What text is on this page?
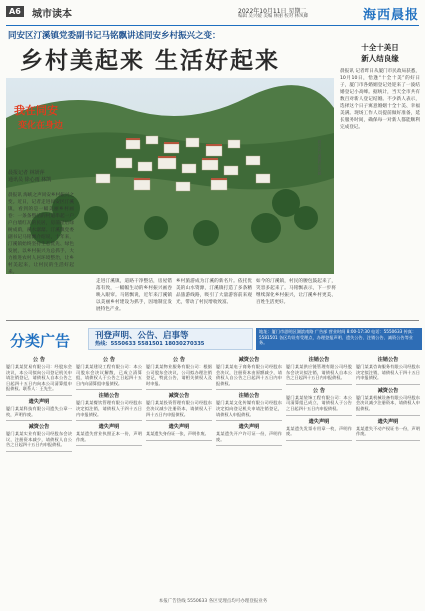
A6	城市读本	2022年10月11日 星期二
编辑 吴兴媛 美编 林丽 校对 林凤卿	海西晨报
同安区汀溪镇党委副书记马铭飘讲述同安乡村振兴之变：
乡村美起来 生活好起来
我在同安
变化在身边
同安区汀溪镇村庄风貌
晨报记者 林妍萍
通讯员 徐心雨 林凯
晨报讯 海峡之声同安乡村振兴之变。近日，记者走进同安区汀溪镇，看到的是一幅美丽乡村画卷：一条条整洁的村道串起一户户白墙红瓦的民居，房前屋后绿树成荫，溪水潺潺。汀溪镇党委副书记马铭飘介绍说，十年来，汀溪镇始终坚持生态优先、绿色发展，以乡村振兴为总抓手，大力推进农村人居环境整治，让乡村美起来，让村民的生活好起来。
走进汀溪镇，道路干净整洁，房屋错落有致，一幅幅生动的乡村振兴画卷映入眼帘。马铭飘说，近年来汀溪镇以美丽乡村建设为抓手，因地制宜发展特色产业。
乡村旅游成为汀溪的新名片。依托优美的山水资源，汀溪镇打造了多条精品旅游线路，吸引了大量游客前来观光，带动了村民增收致富。
如今的汀溪镇，村民的腰包鼓起来了，笑容多起来了。马铭飘表示，下一步将继续深化乡村振兴，让汀溪乡村更美、百姓生活更好。
十全十美日
新人结良缘
晨报讯 记者昨日从厦门市民政局获悉，10月10日，恰逢“十全十美”的好日子，厦门市各婚姻登记处迎来了一波结婚登记小高峰。据统计，当天全市共有数百对新人登记结婚。不少新人表示，选择这个日子寓意婚姻十全十美、幸福美满。现场工作人员提前做好准备，延长服务时间，确保每一对新人都能顺利完成登记。
分类广告	刊登声明、公告、启事等
热线：5550633 5581501 18030270335
地址：厦门市思明区湖滨南路 广告部 营业时间 8:00-17:30 电话：5550633 传真：5581501 各区均设有受理点，办理登报声明、遗失公告、注销公告、减资公告等业务。
公 告
厦门某某贸易有限公司：经股东会决议，本公司拟向公司登记机关申请注销登记，请债权人自本公告之日起四十五日内向本公司清算组申报债权。联系人：王先生。
遗失声明
厦门某某科技有限公司遗失公章一枚，声明作废。
减资公告
厦门某某实业有限公司经股东会决议，注册资本减少，请债权人自公告之日起四十五日内申报债权。
公 告
厦门某某建设工程有限公司：本公司股东会决议解散，已成立清算组，请债权人于公告之日起四十五日内向清算组申报债权。
注销公告
厦门某某餐饮管理有限公司经股东决定拟注销，请债权人于四十五日内申报债权。
遗失声明
某某遗失营业执照正本一份，声明作废。
公 告
厦门某某物业服务有限公司：根据公司股东会决议，公司拟办理注销登记，特此公告，请相关债权人及时申报。
减资公告
厦门某某投资管理有限公司经股东会决议减少注册资本，请债权人于四十五日内申报债权。
遗失声明
某某遗失身份证一张，声明作废。
减资公告
厦门某某电子商务有限公司经股东会决议，注册资本由原额减少，请债权人自公告之日起四十五日内申报债权。
注销公告
厦门某某文化传媒有限公司经股东决定拟向登记机关申请注销登记，请债权人申报债权。
遗失声明
某某遗失开户许可证一份，声明作废。
注销公告
厦门某某供应链管理有限公司经股东会决议拟注销，请债权人自本公告之日起四十五日内申报债权。
公 告
厦门某某装饰工程有限公司：本公司清算组已成立，请债权人于公告之日起四十五日内申报债权。
遗失声明
某某遗失发票专用章一枚，声明作废。
注销公告
厦门某某咨询服务有限公司经股东决定拟注销，请债权人于四十五日内申报债权。
减资公告
厦门某某机械设备有限公司经股东会决议减少注册资本，请债权人申报债权。
遗失声明
某某遗失不动产权证书一份，声明作废。
本报广告热线 5550633 各区受理点均可办理登报业务
